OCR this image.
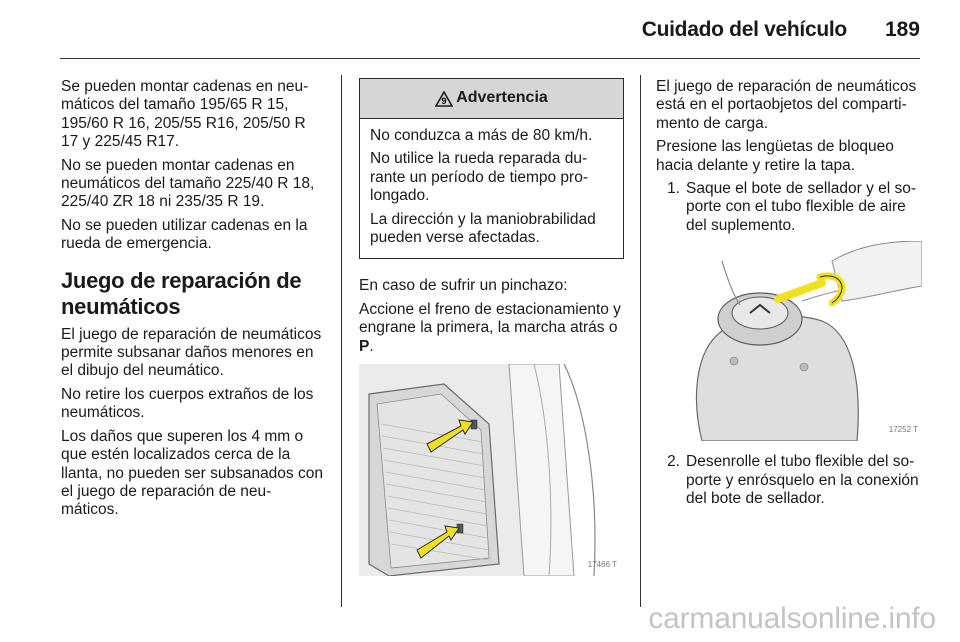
Cuidado del vehículo 189

Se pueden montar cadenas en neu-máticos del tamaño 195/65 R 15, 195/60 R 16, 205/55 R16, 205/50 R 17 y 225/45 R17.

No se pueden montar cadenas en neumáticos del tamaño 225/40 R 18, 225/40 ZR 18 ni 235/35 R 19.

No se pueden utilizar cadenas en la rueda de emergencia.

Juego de reparación de neumáticos

El juego de reparación de neumáticos permite subsanar daños menores en el dibujo del neumático.

No retire los cuerpos extraños de los neumáticos.

Los daños que superen los 4 mm o que estén localizados cerca de la llanta, no pueden ser subsanados con el juego de reparación de neu-máticos.

9 Advertencia

No conduzca a más de 80 km/h.

No utilice la rueda reparada du-rante un período de tiempo pro-longado.

La dirección y la maniobrabilidad pueden verse afectadas.

En caso de sufrir un pinchazo:

Accione el freno de estacionamiento y engrane la primera, la marcha atrás o P.

17466 T

El juego de reparación de neumáticos está en el portaobjetos del comparti-mento de carga.

Presione las lengüetas de bloqueo hacia delante y retire la tapa.

1. Saque el bote de sellador y el so-porte con el tubo flexible de aire del suplemento.
17252 T
2. Desenrolle el tubo flexible del so-porte y enrósquelo en la conexión del bote de sellador.
carmanualsonline.info
